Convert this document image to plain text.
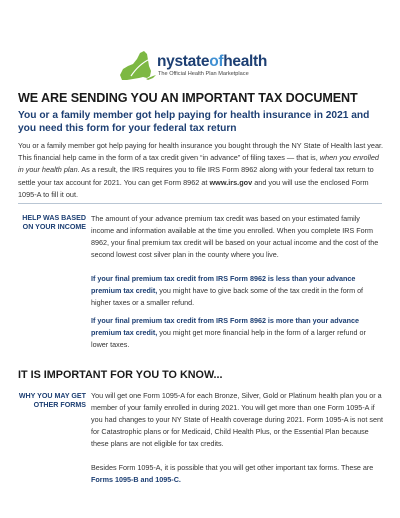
nystateofhealth
The Official Health Plan Marketplace
WE ARE SENDING YOU AN IMPORTANT TAX DOCUMENT
You or a family member got help paying for health insurance in 2021 and you need this form for your federal tax return

You or a family member got help paying for health insurance you bought through the NY State of Health last year. This financial help came in the form of a tax credit given “in advance” of filing taxes — that is, when you enrolled in your health plan. As a result, the IRS requires you to file IRS Form 8962 along with your federal tax return to settle your tax account for 2021. You can get Form 8962 at www.irs.gov and you will use the enclosed Form 1095-A to fill it out.

HELP WAS BASED ON YOUR INCOME

The amount of your advance premium tax credit was based on your estimated family income and information available at the time you enrolled. When you complete IRS Form 8962, your final premium tax credit will be based on your actual income and the cost of the second lowest cost silver plan in the county where you live.

If your final premium tax credit from IRS Form 8962 is less than your advance premium tax credit, you might have to give back some of the tax credit in the form of higher taxes or a smaller refund.

If your final premium tax credit from IRS Form 8962 is more than your advance premium tax credit, you might get more financial help in the form of a larger refund or lower taxes.

IT IS IMPORTANT FOR YOU TO KNOW...
WHY YOU MAY GET OTHER FORMS

You will get one Form 1095-A for each Bronze, Silver, Gold or Platinum health plan you or a member of your family enrolled in during 2021. You will get more than one Form 1095-A if you had changes to your NY State of Health coverage during 2021. Form 1095-A is not sent for Catastrophic plans or for Medicaid, Child Health Plus, or the Essential Plan because these plans are not eligible for tax credits.

Besides Form 1095-A, it is possible that you will get other important tax forms. These are Forms 1095-B and 1095-C.
